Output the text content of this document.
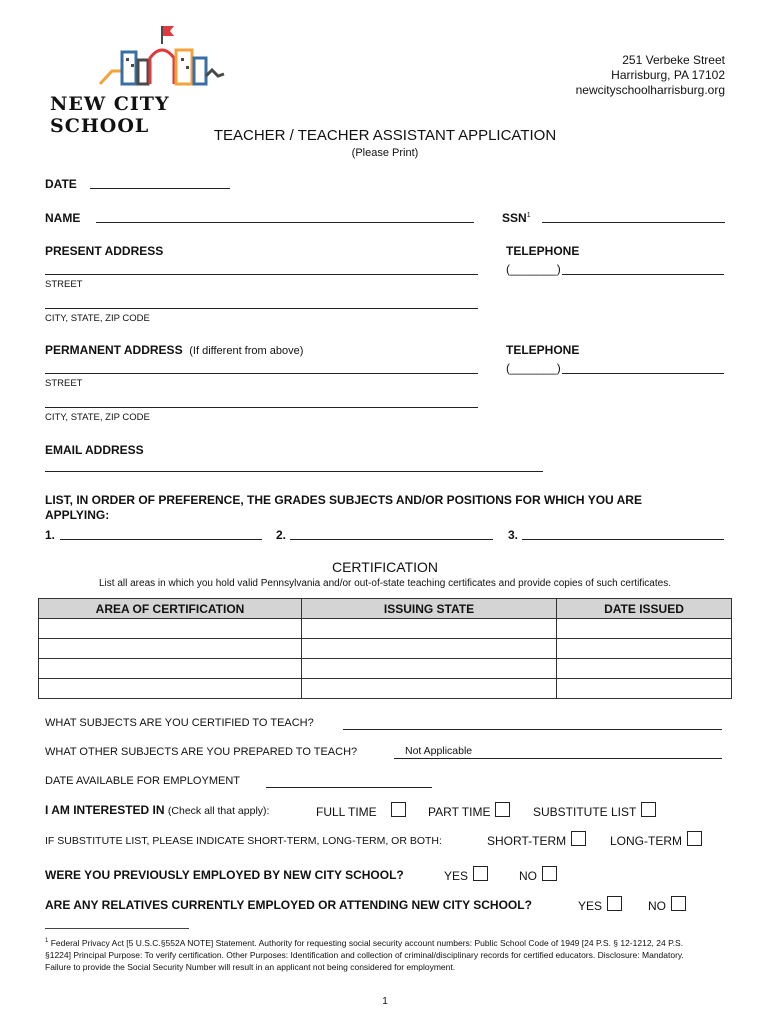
NEW CITY SCHOOL
251 Verbeke Street
Harrisburg, PA 17102
newcityschoolharrisburg.org
TEACHER / TEACHER ASSISTANT APPLICATION
(Please Print)
DATE
NAME	SSN$^1$
PRESENT ADDRESS	TELEPHONE
(_______)
STREET
CITY, STATE, ZIP CODE
PERMANENT ADDRESS (If different from above)	TELEPHONE
(_______)
STREET
CITY, STATE, ZIP CODE
EMAIL ADDRESS
LIST, IN ORDER OF PREFERENCE, THE GRADES SUBJECTS AND/OR POSITIONS FOR WHICH YOU ARE APPLYING:
1.	2.	3.
CERTIFICATION
List all areas in which you hold valid Pennsylvania and/or out-of-state teaching certificates and provide copies of such certificates.
AREA OF CERTIFICATION	ISSUING STATE	DATE ISSUED

WHAT SUBJECTS ARE YOU CERTIFIED TO TEACH?
WHAT OTHER SUBJECTS ARE YOU PREPARED TO TEACH?	Not Applicable
DATE AVAILABLE FOR EMPLOYMENT
I AM INTERESTED IN (Check all that apply):	FULL TIME	PART TIME	SUBSTITUTE LIST
IF SUBSTITUTE LIST, PLEASE INDICATE SHORT-TERM, LONG-TERM, OR BOTH:	SHORT-TERM	LONG-TERM
WERE YOU PREVIOUSLY EMPLOYED BY NEW CITY SCHOOL?	YES	NO
ARE ANY RELATIVES CURRENTLY EMPLOYED OR ATTENDING NEW CITY SCHOOL?	YES	NO
$^1$ Federal Privacy Act [5 U.S.C.§552A NOTE] Statement. Authority for requesting social security account numbers: Public School Code of 1949 [24 P.S. § 12-1212, 24 P.S. §1224] Principal Purpose: To verify certification. Other Purposes: Identification and collection of criminal/disciplinary records for certified educators. Disclosure: Mandatory. Failure to provide the Social Security Number will result in an applicant not being considered for employment.
1
